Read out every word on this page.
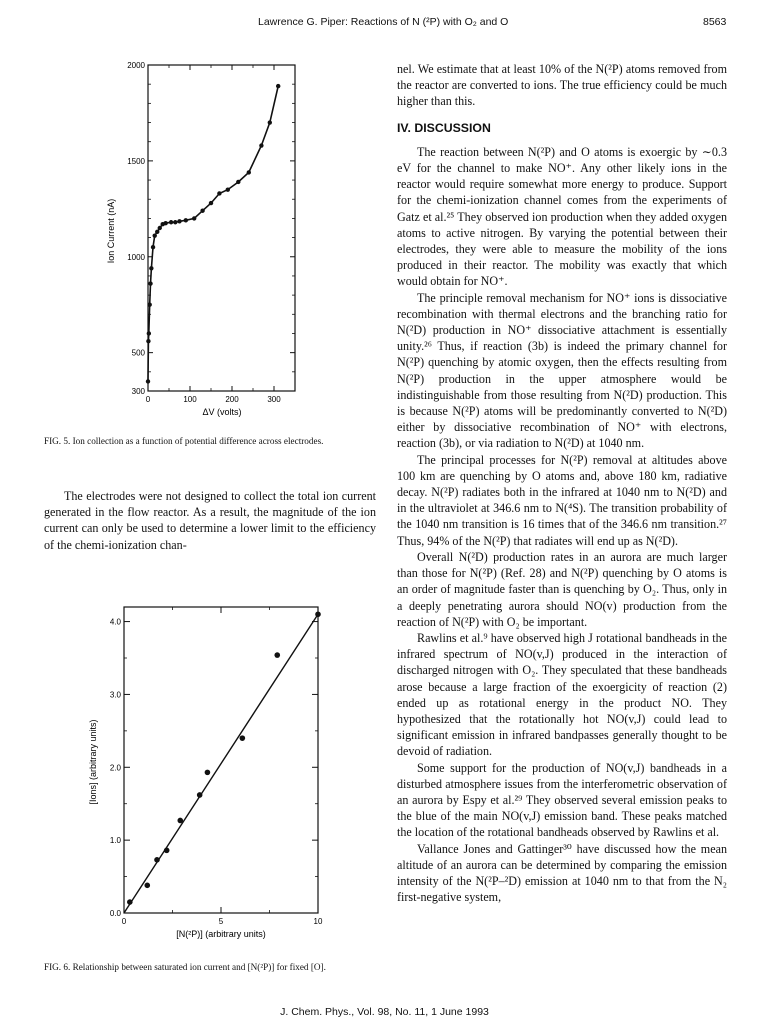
Lawrence G. Piper: Reactions of N (²P) with O₂ and O	8563
0	100	200	300
300
500
1000
1500
2000
ΔV (volts)
Ion Current (nA)
FIG. 5. Ion collection as a function of potential difference across electrodes.
The electrodes were not designed to collect the total ion current generated in the flow reactor. As a result, the magnitude of the ion current can only be used to determine a lower limit to the efficiency of the chemi-ionization chan-
0	5	10
0.0
1.0
2.0
3.0
4.0
[N(²P)] (arbitrary units)
[Ions] (arbitrary units)
FIG. 6. Relationship between saturated ion current and [N(²P)] for fixed [O].

nel. We estimate that at least 10% of the N(²P) atoms removed from the reactor are converted to ions. The true efficiency could be much higher than this.

IV. DISCUSSION

The reaction between N(²P) and O atoms is exoergic by ∼0.3 eV for the channel to make NO⁺. Any other likely ions in the reactor would require somewhat more energy to produce. Support for the chemi-ionization channel comes from the experiments of Gatz et al.²⁵ They observed ion production when they added oxygen atoms to active nitrogen. By varying the potential between their electrodes, they were able to measure the mobility of the ions produced in their reactor. The mobility was exactly that which would obtain for NO⁺.

The principle removal mechanism for NO⁺ ions is dissociative recombination with thermal electrons and the branching ratio for N(²D) production in NO⁺ dissociative attachment is essentially unity.²⁶ Thus, if reaction (3b) is indeed the primary channel for N(²P) quenching by atomic oxygen, then the effects resulting from N(²P) production in the upper atmosphere would be indistinguishable from those resulting from N(²D) production. This is because N(²P) atoms will be predominantly converted to N(²D) either by dissociative recombination of NO⁺ with electrons, reaction (3b), or via radiation to N(²D) at 1040 nm.

The principal processes for N(²P) removal at altitudes above 100 km are quenching by O atoms and, above 180 km, radiative decay. N(²P) radiates both in the infrared at 1040 nm to N(²D) and in the ultraviolet at 346.6 nm to N(⁴S). The transition probability of the 1040 nm transition is 16 times that of the 346.6 nm transition.²⁷ Thus, 94% of the N(²P) that radiates will end up as N(²D).

Overall N(²D) production rates in an aurora are much larger than those for N(²P) (Ref. 28) and N(²P) quenching by O atoms is an order of magnitude faster than is quenching by O₂. Thus, only in a deeply penetrating aurora should NO(v) production from the reaction of N(²P) with O₂ be important.

Rawlins et al.⁹ have observed high J rotational bandheads in the infrared spectrum of NO(v,J) produced in the interaction of discharged nitrogen with O₂. They speculated that these bandheads arose because a large fraction of the exoergicity of reaction (2) ended up as rotational energy in the product NO. They hypothesized that the rotationally hot NO(v,J) could lead to significant emission in infrared bandpasses generally thought to be devoid of radiation.

Some support for the production of NO(v,J) bandheads in a disturbed atmosphere issues from the interferometric observation of an aurora by Espy et al.²⁹ They observed several emission peaks to the blue of the main NO(v,J) emission band. These peaks matched the location of the rotational bandheads observed by Rawlins et al.

Vallance Jones and Gattinger³⁰ have discussed how the mean altitude of an aurora can be determined by comparing the emission intensity of the N(²P–²D) emission at 1040 nm to that from the N₂ first-negative system,

J. Chem. Phys., Vol. 98, No. 11, 1 June 1993
